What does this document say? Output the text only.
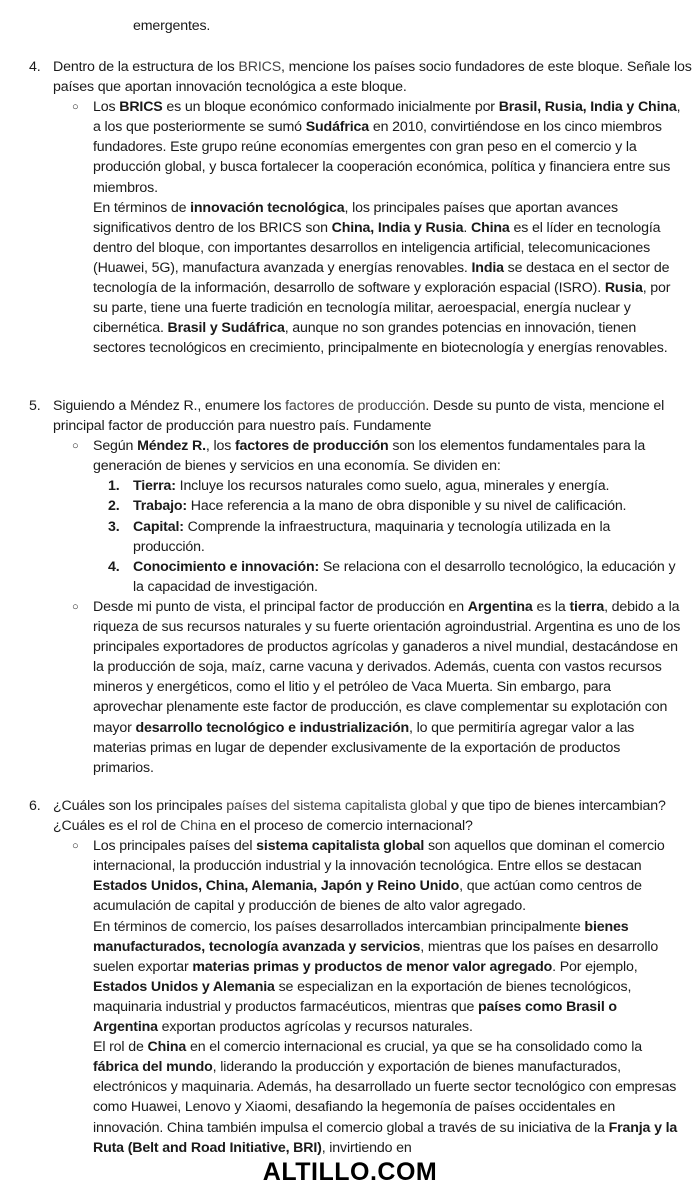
emergentes.
4. Dentro de la estructura de los BRICS, mencione los países socio fundadores de este bloque. Señale los países que aportan innovación tecnológica a este bloque.
○ Los BRICS es un bloque económico conformado inicialmente por Brasil, Rusia, India y China, a los que posteriormente se sumó Sudáfrica en 2010, convirtiéndose en los cinco miembros fundadores. Este grupo reúne economías emergentes con gran peso en el comercio y la producción global, y busca fortalecer la cooperación económica, política y financiera entre sus miembros.

En términos de innovación tecnológica, los principales países que aportan avances significativos dentro de los BRICS son China, India y Rusia. China es el líder en tecnología dentro del bloque, con importantes desarrollos en inteligencia artificial, telecomunicaciones (Huawei, 5G), manufactura avanzada y energías renovables. India se destaca en el sector de tecnología de la información, desarrollo de software y exploración espacial (ISRO). Rusia, por su parte, tiene una fuerte tradición en tecnología militar, aeroespacial, energía nuclear y cibernética. Brasil y Sudáfrica, aunque no son grandes potencias en innovación, tienen sectores tecnológicos en crecimiento, principalmente en biotecnología y energías renovables.

5. Siguiendo a Méndez R., enumere los factores de producción. Desde su punto de vista, mencione el principal factor de producción para nuestro país. Fundamente
○ Según Méndez R., los factores de producción son los elementos fundamentales para la generación de bienes y servicios en una economía. Se dividen en:

1. Tierra: Incluye los recursos naturales como suelo, agua, minerales y energía.
2. Trabajo: Hace referencia a la mano de obra disponible y su nivel de calificación.
3. Capital: Comprende la infraestructura, maquinaria y tecnología utilizada en la producción.
4. Conocimiento e innovación: Se relaciona con el desarrollo tecnológico, la educación y la capacidad de investigación.
○ Desde mi punto de vista, el principal factor de producción en Argentina es la tierra, debido a la riqueza de sus recursos naturales y su fuerte orientación agroindustrial. Argentina es uno de los principales exportadores de productos agrícolas y ganaderos a nivel mundial, destacándose en la producción de soja, maíz, carne vacuna y derivados. Además, cuenta con vastos recursos mineros y energéticos, como el litio y el petróleo de Vaca Muerta. Sin embargo, para aprovechar plenamente este factor de producción, es clave complementar su explotación con mayor desarrollo tecnológico e industrialización, lo que permitiría agregar valor a las materias primas en lugar de depender exclusivamente de la exportación de productos primarios.

6. ¿Cuáles son los principales países del sistema capitalista global y que tipo de bienes intercambian? ¿Cuáles es el rol de China en el proceso de comercio internacional?
○ Los principales países del sistema capitalista global son aquellos que dominan el comercio internacional, la producción industrial y la innovación tecnológica. Entre ellos se destacan Estados Unidos, China, Alemania, Japón y Reino Unido, que actúan como centros de acumulación de capital y producción de bienes de alto valor agregado.

En términos de comercio, los países desarrollados intercambian principalmente bienes manufacturados, tecnología avanzada y servicios, mientras que los países en desarrollo suelen exportar materias primas y productos de menor valor agregado. Por ejemplo, Estados Unidos y Alemania se especializan en la exportación de bienes tecnológicos, maquinaria industrial y productos farmacéuticos, mientras que países como Brasil o Argentina exportan productos agrícolas y recursos naturales.

El rol de China en el comercio internacional es crucial, ya que se ha consolidado como la fábrica del mundo, liderando la producción y exportación de bienes manufacturados, electrónicos y maquinaria. Además, ha desarrollado un fuerte sector tecnológico con empresas como Huawei, Lenovo y Xiaomi, desafiando la hegemonía de países occidentales en innovación. China también impulsa el comercio global a través de su iniciativa de la Franja y la Ruta (Belt and Road Initiative, BRI), invirtiendo en

ALTILLO.COM
